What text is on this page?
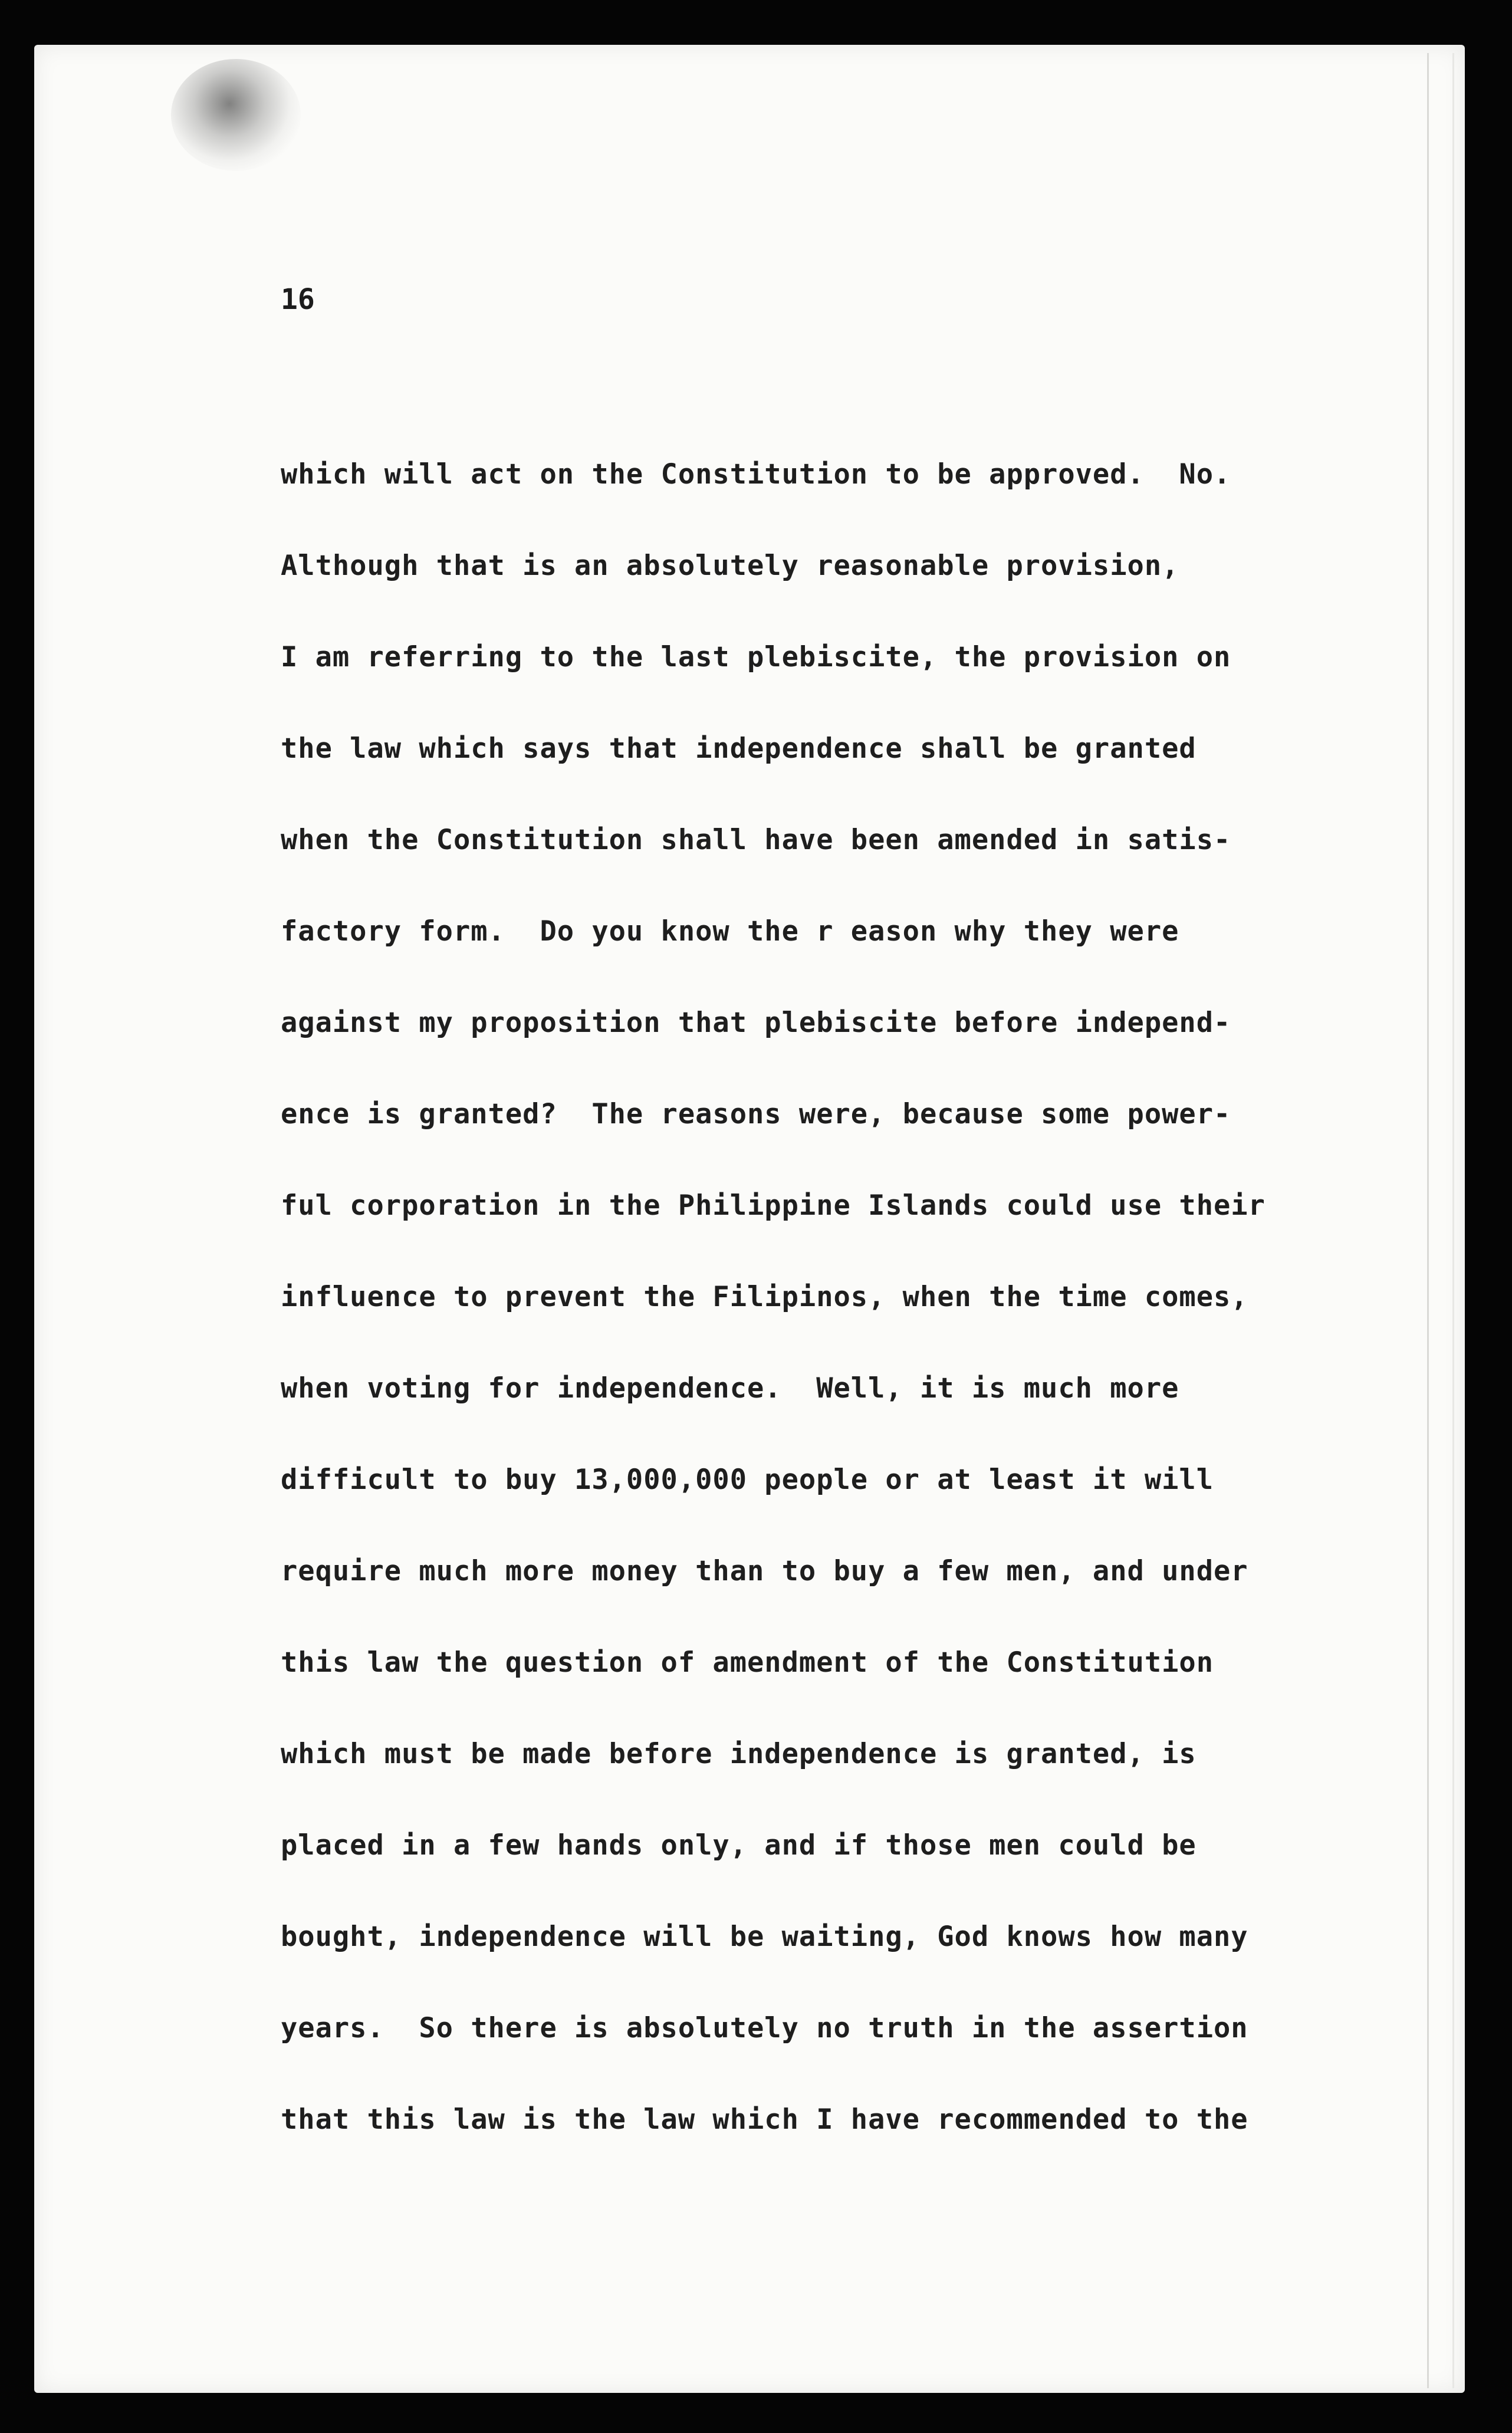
16
which will act on the Constitution to be approved.  No.
Although that is an absolutely reasonable provision,
I am referring to the last plebiscite, the provision on
the law which says that independence shall be granted
when the Constitution shall have been amended in satis-
factory form.  Do you know the r eason why they were
against my proposition that plebiscite before independ-
ence is granted?  The reasons were, because some power-
ful corporation in the Philippine Islands could use their
influence to prevent the Filipinos, when the time comes,
when voting for independence.  Well, it is much more
difficult to buy 13,000,000 people or at least it will
require much more money than to buy a few men, and under
this law the question of amendment of the Constitution
which must be made before independence is granted, is
placed in a few hands only, and if those men could be
bought, independence will be waiting, God knows how many
years.  So there is absolutely no truth in the assertion
that this law is the law which I have recommended to the
